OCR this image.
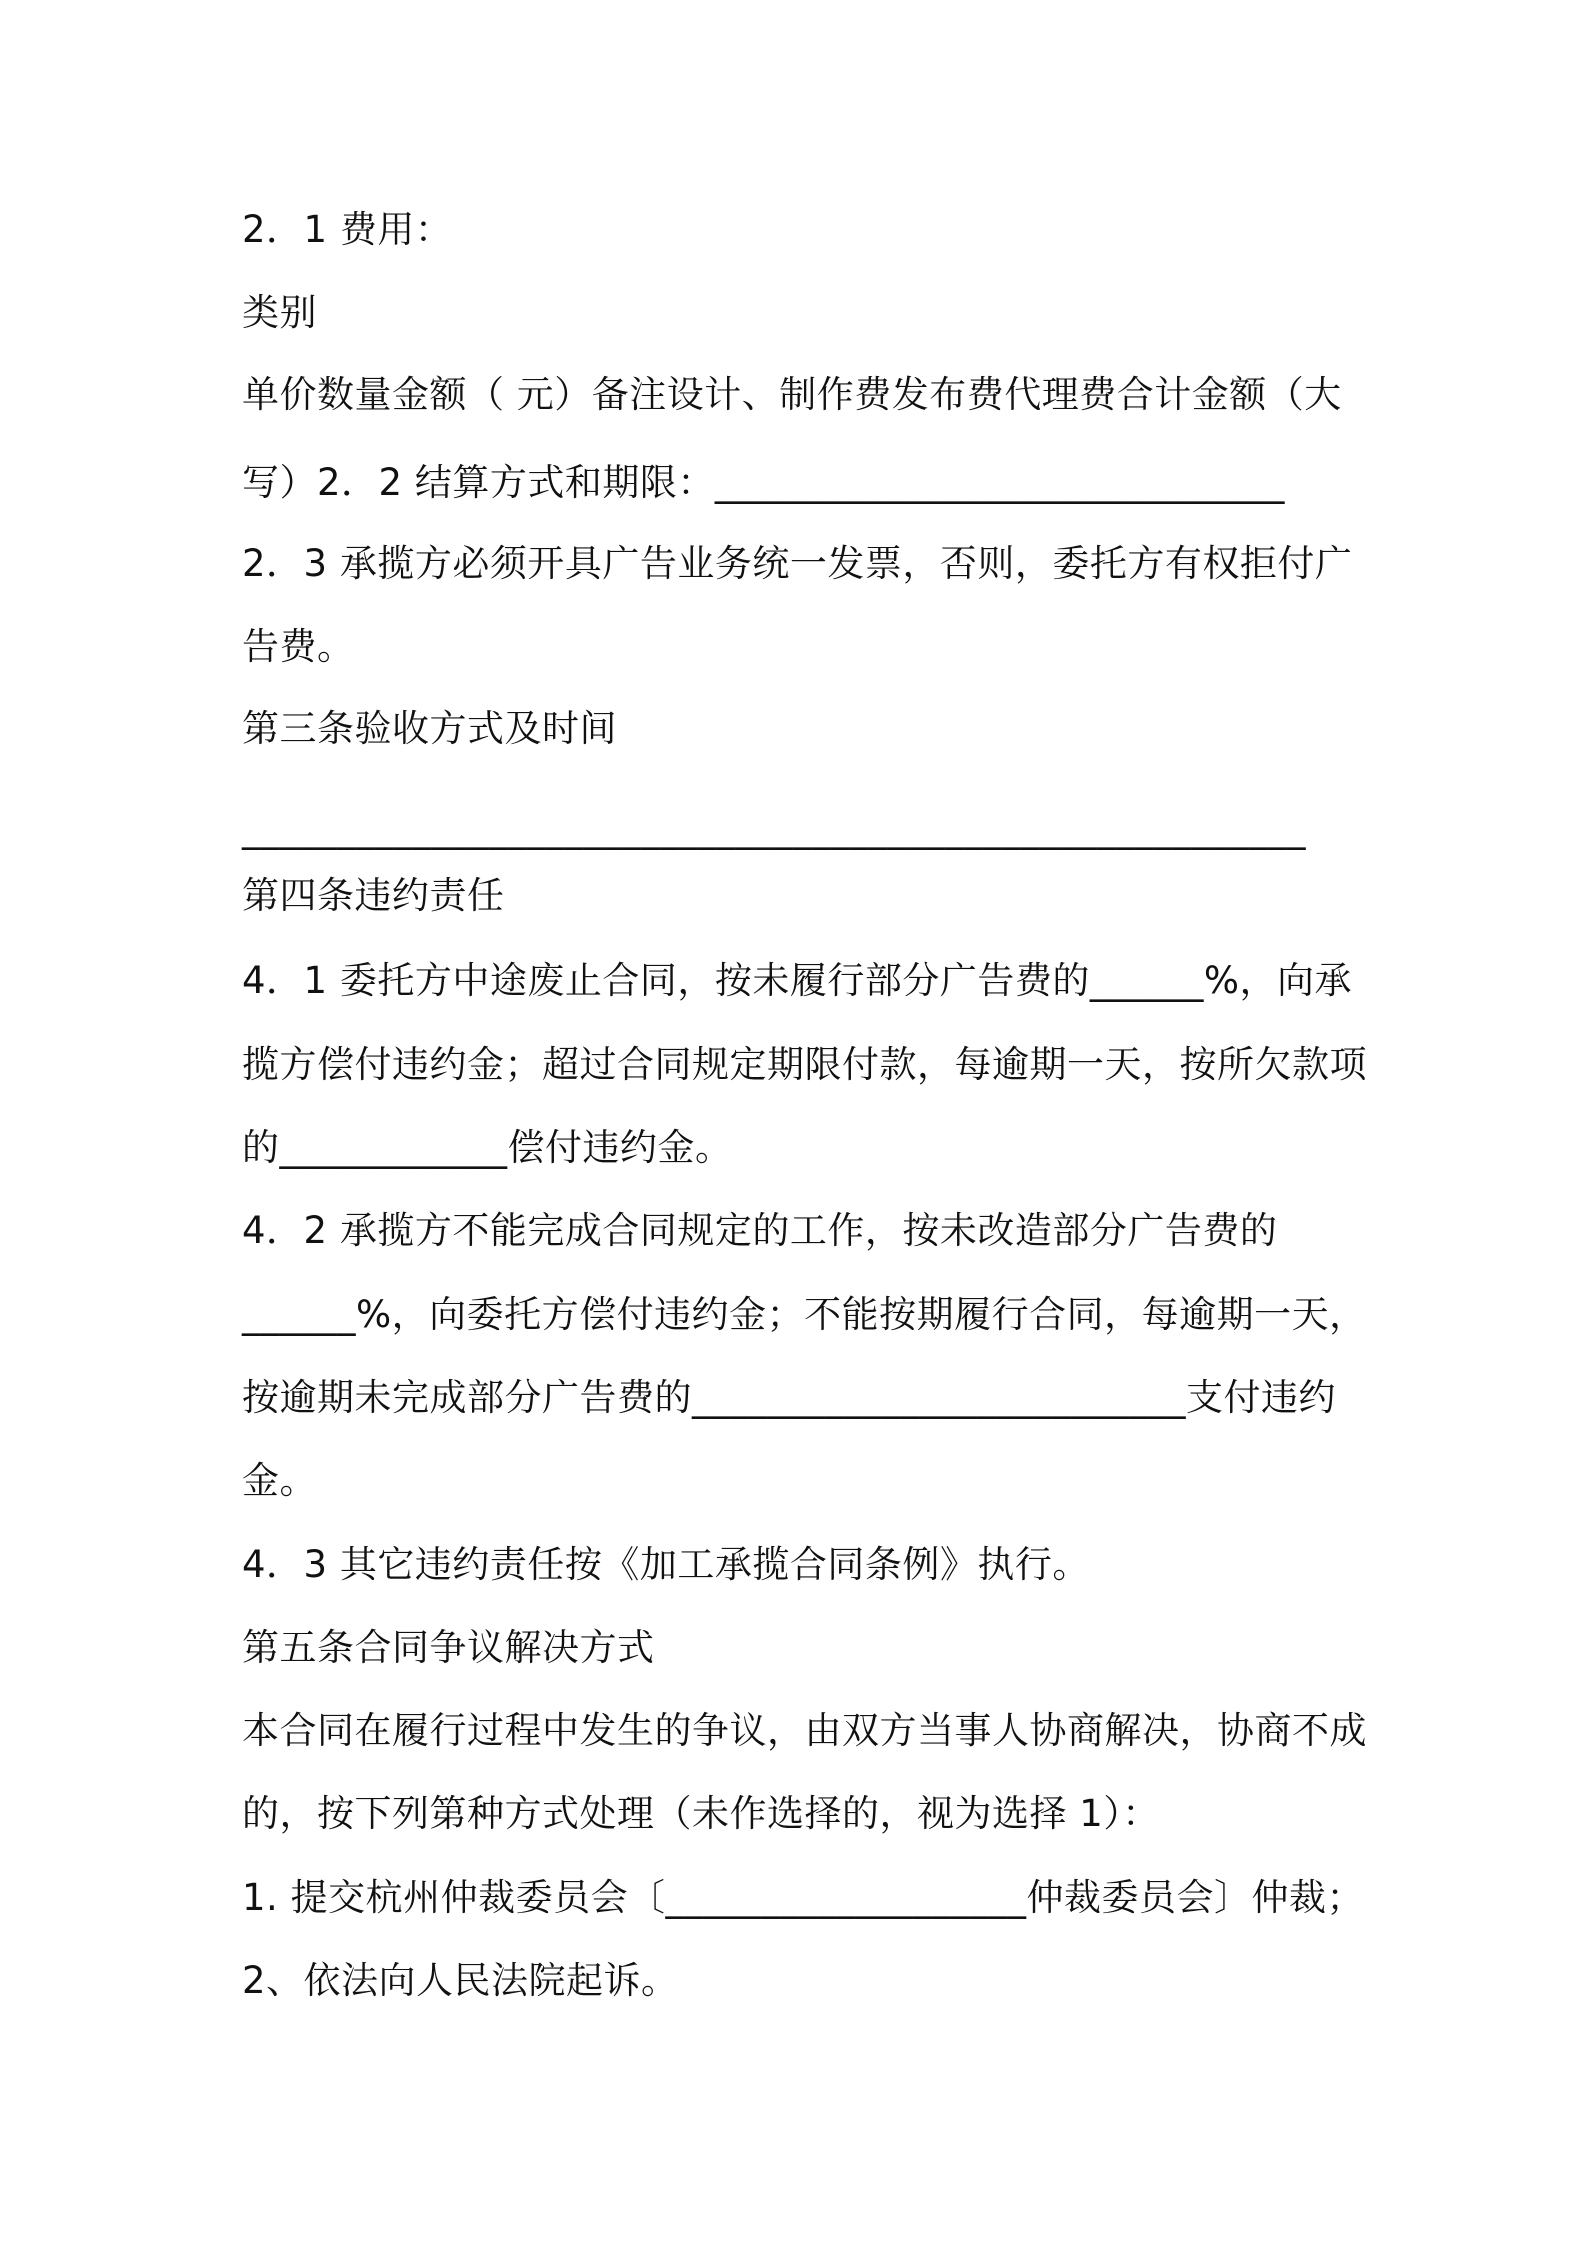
2．1 费用：
类别
单价数量金额（ 元）备注设计、制作费发布费代理费合计金额（大
写）2．2 结算方式和期限：______________________________
2．3 承揽方必须开具广告业务统一发票，否则，委托方有权拒付广
告费。
第三条验收方式及时间
________________________________________________________
第四条违约责任
4．1 委托方中途废止合同，按未履行部分广告费的______%，向承
揽方偿付违约金；超过合同规定期限付款，每逾期一天，按所欠款项
的____________偿付违约金。
4．2 承揽方不能完成合同规定的工作，按未改造部分广告费的
______%，向委托方偿付违约金；不能按期履行合同，每逾期一天，
按逾期未完成部分广告费的__________________________支付违约
金。
4．3 其它违约责任按《加工承揽合同条例》执行。
第五条合同争议解决方式
本合同在履行过程中发生的争议，由双方当事人协商解决，协商不成
的，按下列第种方式处理（未作选择的，视为选择 1）：
1. 提交杭州仲裁委员会〔___________________仲裁委员会〕仲裁；
2、依法向人民法院起诉。
